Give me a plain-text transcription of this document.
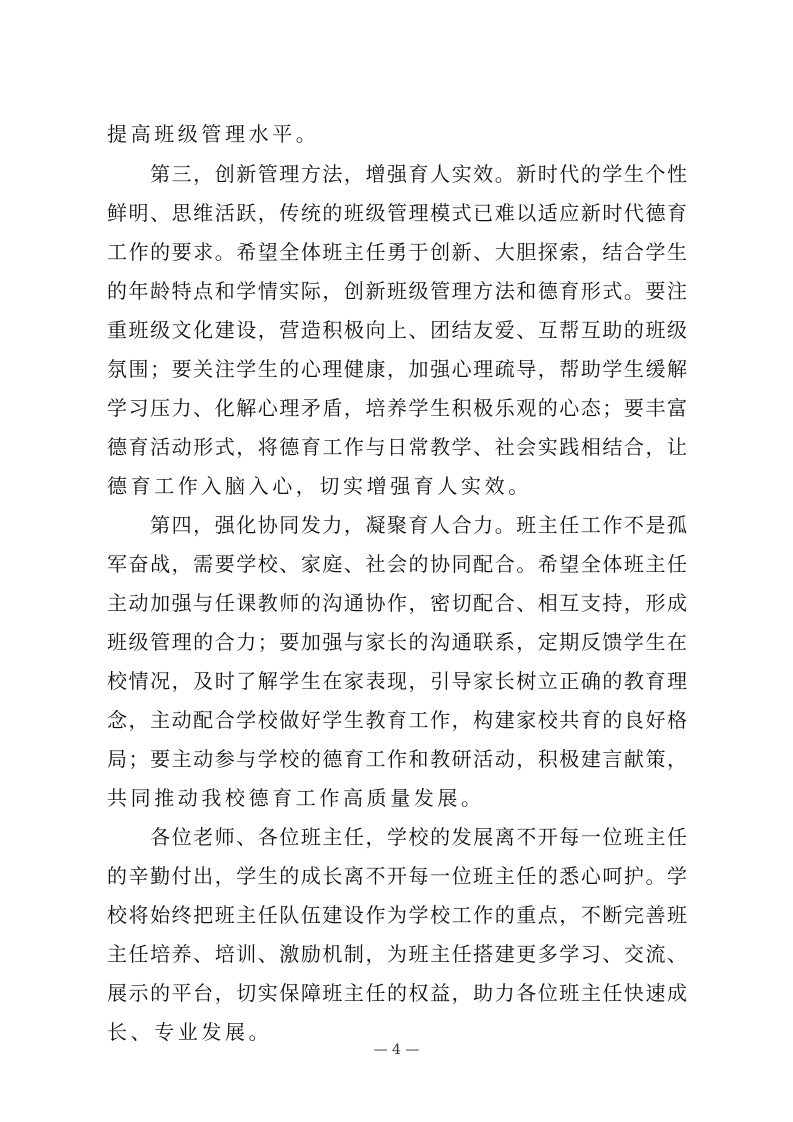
提高班级管理水平。
　　第三，创新管理方法，增强育人实效。新时代的学生个性
鲜明、思维活跃，传统的班级管理模式已难以适应新时代德育
工作的要求。希望全体班主任勇于创新、大胆探索，结合学生
的年龄特点和学情实际，创新班级管理方法和德育形式。要注
重班级文化建设，营造积极向上、团结友爱、互帮互助的班级
氛围；要关注学生的心理健康，加强心理疏导，帮助学生缓解
学习压力、化解心理矛盾，培养学生积极乐观的心态；要丰富
德育活动形式，将德育工作与日常教学、社会实践相结合，让
德育工作入脑入心，切实增强育人实效。
　　第四，强化协同发力，凝聚育人合力。班主任工作不是孤
军奋战，需要学校、家庭、社会的协同配合。希望全体班主任
主动加强与任课教师的沟通协作，密切配合、相互支持，形成
班级管理的合力；要加强与家长的沟通联系，定期反馈学生在
校情况，及时了解学生在家表现，引导家长树立正确的教育理
念，主动配合学校做好学生教育工作，构建家校共育的良好格
局；要主动参与学校的德育工作和教研活动，积极建言献策，
共同推动我校德育工作高质量发展。
　　各位老师、各位班主任，学校的发展离不开每一位班主任
的辛勤付出，学生的成长离不开每一位班主任的悉心呵护。学
校将始终把班主任队伍建设作为学校工作的重点，不断完善班
主任培养、培训、激励机制，为班主任搭建更多学习、交流、
展示的平台，切实保障班主任的权益，助力各位班主任快速成
长、专业发展。
— 4 —
